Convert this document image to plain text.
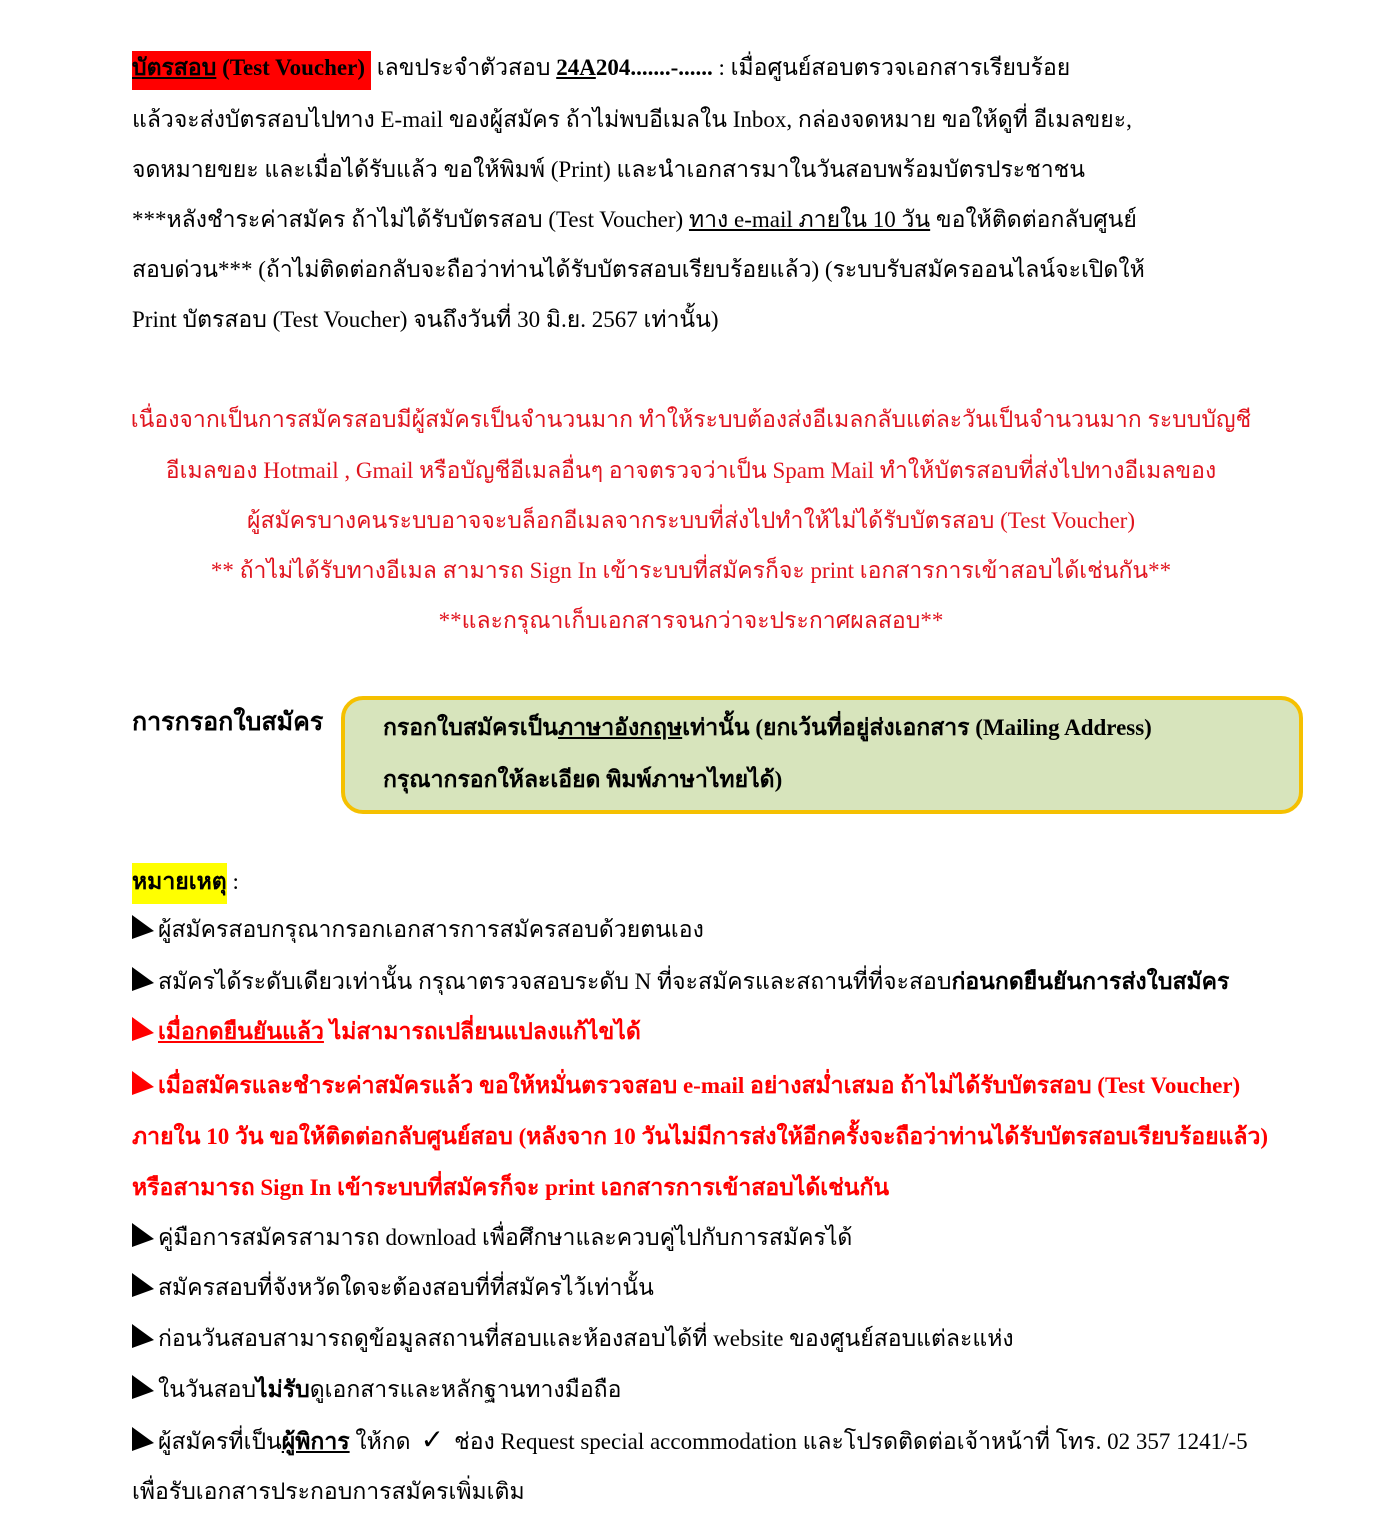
บัตรสอบ (Test Voucher) เลขประจำตัวสอบ 24A204.......-...... : เมื่อศูนย์สอบตรวจเอกสารเรียบร้อย
แล้วจะส่งบัตรสอบไปทาง E-mail ของผู้สมัคร ถ้าไม่พบอีเมลใน Inbox, กล่องจดหมาย ขอให้ดูที่ อีเมลขยะ,
จดหมายขยะ และเมื่อได้รับแล้ว ขอให้พิมพ์ (Print) และนำเอกสารมาในวันสอบพร้อมบัตรประชาชน
***หลังชำระค่าสมัคร ถ้าไม่ได้รับบัตรสอบ (Test Voucher) ทาง e-mail ภายใน 10 วัน ขอให้ติดต่อกลับศูนย์
สอบด่วน*** (ถ้าไม่ติดต่อกลับจะถือว่าท่านได้รับบัตรสอบเรียบร้อยแล้ว) (ระบบรับสมัครออนไลน์จะเปิดให้
Print บัตรสอบ (Test Voucher) จนถึงวันที่ 30 มิ.ย. 2567 เท่านั้น)
เนื่องจากเป็นการสมัครสอบมีผู้สมัครเป็นจำนวนมาก ทำให้ระบบต้องส่งอีเมลกลับแต่ละวันเป็นจำนวนมาก ระบบบัญชี
อีเมลของ Hotmail , Gmail หรือบัญชีอีเมลอื่นๆ อาจตรวจว่าเป็น Spam Mail ทำให้บัตรสอบที่ส่งไปทางอีเมลของ
ผู้สมัครบางคนระบบอาจจะบล็อกอีเมลจากระบบที่ส่งไปทำให้ไม่ได้รับบัตรสอบ (Test Voucher)
** ถ้าไม่ได้รับทางอีเมล สามารถ Sign In เข้าระบบที่สมัครก็จะ print เอกสารการเข้าสอบได้เช่นกัน**
**และกรุณาเก็บเอกสารจนกว่าจะประกาศผลสอบ**
การกรอกใบสมัคร	กรอกใบสมัครเป็นภาษาอังกฤษเท่านั้น (ยกเว้นที่อยู่ส่งเอกสาร (Mailing Address)
กรุณากรอกให้ละเอียด พิมพ์ภาษาไทยได้)
หมายเหตุ :
ผู้สมัครสอบกรุณากรอกเอกสารการสมัครสอบด้วยตนเอง
สมัครได้ระดับเดียวเท่านั้น กรุณาตรวจสอบระดับ N ที่จะสมัครและสถานที่ที่จะสอบก่อนกดยืนยันการส่งใบสมัคร
เมื่อกดยืนยันแล้ว ไม่สามารถเปลี่ยนแปลงแก้ไขได้
เมื่อสมัครและชำระค่าสมัครแล้ว ขอให้หมั่นตรวจสอบ e-mail อย่างสม่ำเสมอ ถ้าไม่ได้รับบัตรสอบ (Test Voucher)
ภายใน 10 วัน ขอให้ติดต่อกลับศูนย์สอบ (หลังจาก 10 วันไม่มีการส่งให้อีกครั้งจะถือว่าท่านได้รับบัตรสอบเรียบร้อยแล้ว)
หรือสามารถ Sign In เข้าระบบที่สมัครก็จะ print เอกสารการเข้าสอบได้เช่นกัน
คู่มือการสมัครสามารถ download เพื่อศึกษาและควบคู่ไปกับการสมัครได้
สมัครสอบที่จังหวัดใดจะต้องสอบที่ที่สมัครไว้เท่านั้น
ก่อนวันสอบสามารถดูข้อมูลสถานที่สอบและห้องสอบได้ที่ website ของศูนย์สอบแต่ละแห่ง
ในวันสอบไม่รับดูเอกสารและหลักฐานทางมือถือ
ผู้สมัครที่เป็นผู้พิการ ให้กด ✓ ช่อง Request special accommodation และโปรดติดต่อเจ้าหน้าที่ โทร. 02 357 1241/-5
เพื่อรับเอกสารประกอบการสมัครเพิ่มเติม
